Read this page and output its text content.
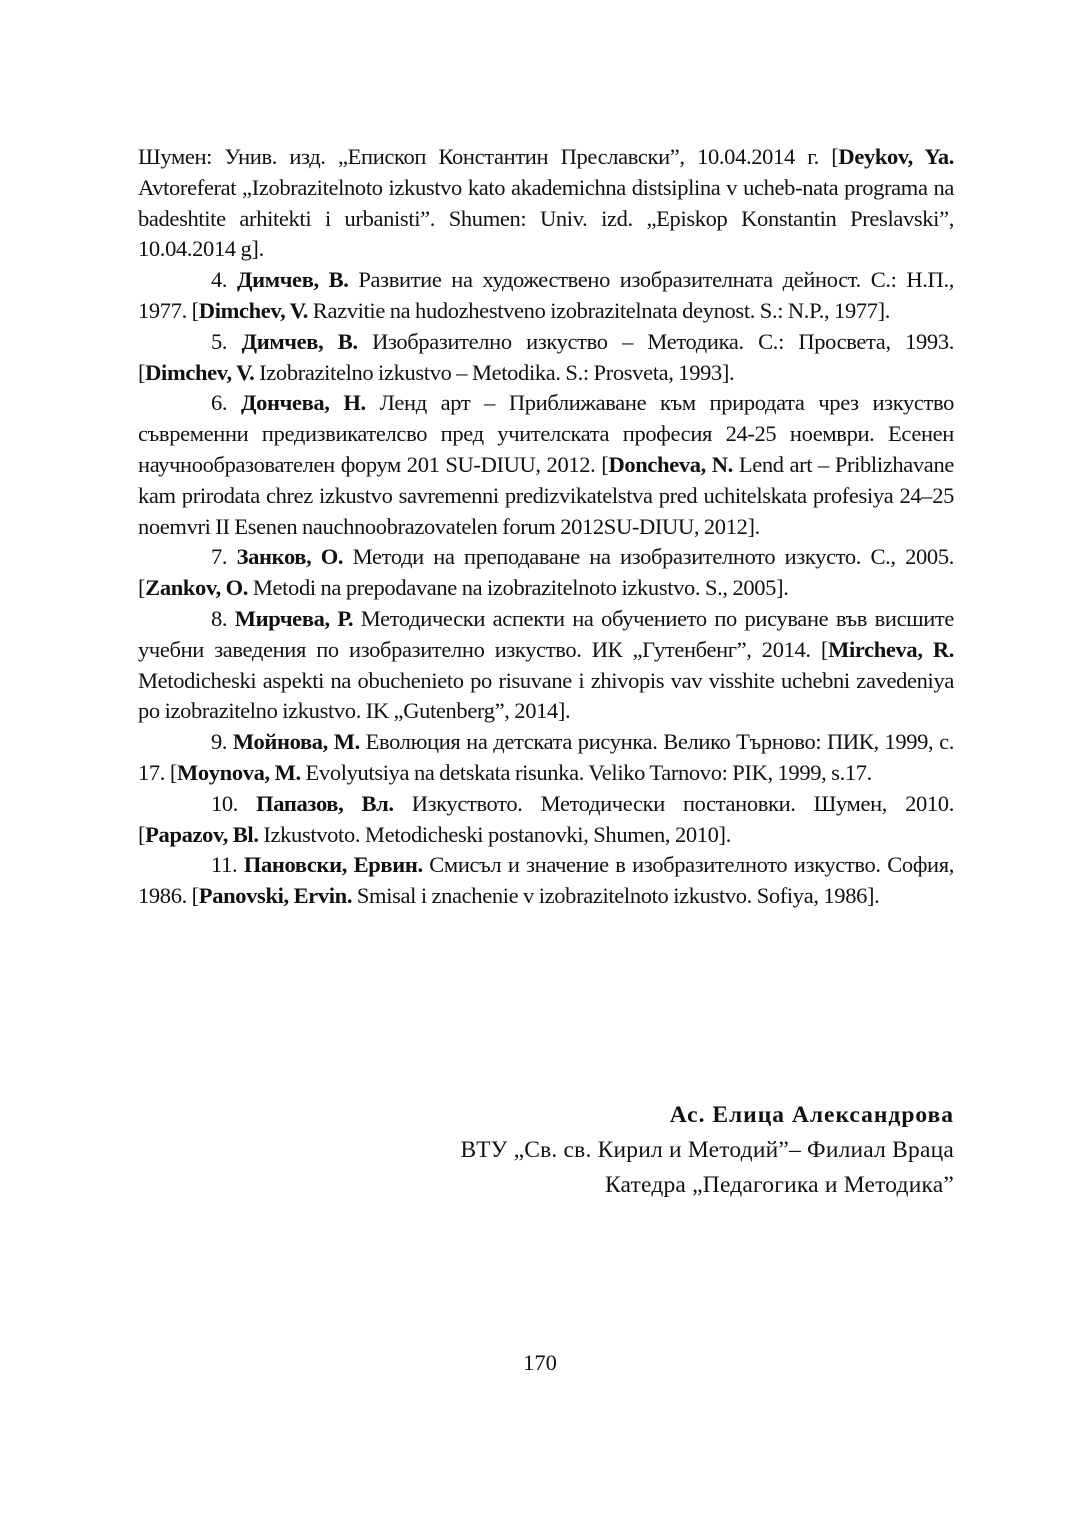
Шумен: Унив. изд. „Епископ Константин Преславски”, 10.04.2014 г. [Deykov, Ya. Avtoreferat „Izobrazitelnoto izkustvo kato akademichna distsiplina v ucheb-nata programa na badeshtite arhitekti i urbanisti”. Shumen: Univ. izd. „Episkop Konstantin Preslavski”, 10.04.2014 g].

4. Димчев, В. Развитие на художествено изобразителната дейност. С.: Н.П., 1977. [Dimchev, V. Razvitie na hudozhestveno izobrazitelnata deynost. S.: N.P., 1977].

5. Димчев, В. Изобразително изкуство – Методика. С.: Просвета, 1993. [Dimchev, V. Izobrazitelno izkustvo – Metodika. S.: Prosveta, 1993].

6. Дончева, Н. Ленд арт – Приближаване към природата чрез изкуство съвременни предизвикателсво пред учителската професия 24-25 ноември. Есенен научнообразователен форум 201 SU-DIUU, 2012. [Doncheva, N. Lend art – Priblizhavane kam prirodata chrez izkustvo savremenni predizvikatelstva pred uchitelskata profesiya 24–25 noemvri II Esenen nauchnoobrazovatelen forum 2012SU-DIUU, 2012].

7. Занков, О. Методи на преподаване на изобразителното изкусто. С., 2005. [Zankov, O. Metodi na prepodavane na izobrazitelnoto izkustvo. S., 2005].

8. Мирчева, Р. Методически аспекти на обучението по рисуване във висшите учебни заведения по изобразително изкуство. ИК „Гутенбенг”, 2014. [Mircheva, R. Metodicheski aspekti na obuchenieto po risuvane i zhivopis vav visshite uchebni zavedeniya po izobrazitelno izkustvo. IK „Gutenberg”, 2014].

9. Мойнова, М. Еволюция на детската рисунка. Велико Търново: ПИК, 1999, с. 17. [Moynova, M. Evolyutsiya na detskata risunka. Veliko Tarnovo: PIK, 1999, s.17.

10. Папазов, Вл. Изкуството. Методически постановки. Шумен, 2010. [Papazov, Bl. Izkustvoto. Metodicheski postanovki, Shumen, 2010].

11. Пановски, Ервин. Смисъл и значение в изобразителното изкуство. София, 1986. [Panovski, Ervin. Smisal i znachenie v izobrazitelnoto izkustvo. Sofiya, 1986].

Ас. Елица Александрова
ВТУ „Св. св. Кирил и Методий”– Филиал Враца
Катедра „Педагогика и Методика”
170
